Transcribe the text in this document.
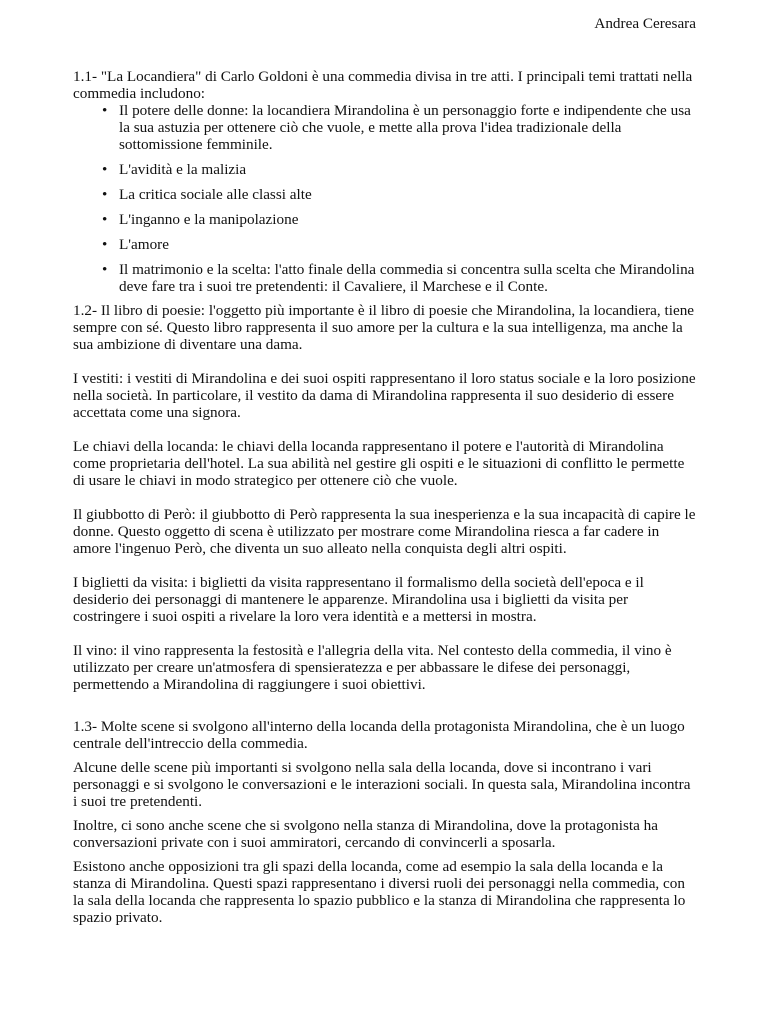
Andrea Ceresara

1.1- "La Locandiera" di Carlo Goldoni è una commedia divisa in tre atti. I principali temi trattati nella commedia includono:

• Il potere delle donne: la locandiera Mirandolina è un personaggio forte e indipendente che usa la sua astuzia per ottenere ciò che vuole, e mette alla prova l'idea tradizionale della sottomissione femminile.
• L'avidità e la malizia
• La critica sociale alle classi alte
• L'inganno e la manipolazione
• L'amore
• Il matrimonio e la scelta: l'atto finale della commedia si concentra sulla scelta che Mirandolina deve fare tra i suoi tre pretendenti: il Cavaliere, il Marchese e il Conte.

1.2- Il libro di poesie: l'oggetto più importante è il libro di poesie che Mirandolina, la locandiera, tiene sempre con sé. Questo libro rappresenta il suo amore per la cultura e la sua intelligenza, ma anche la sua ambizione di diventare una dama.

I vestiti: i vestiti di Mirandolina e dei suoi ospiti rappresentano il loro status sociale e la loro posizione nella società. In particolare, il vestito da dama di Mirandolina rappresenta il suo desiderio di essere accettata come una signora.

Le chiavi della locanda: le chiavi della locanda rappresentano il potere e l'autorità di Mirandolina come proprietaria dell'hotel. La sua abilità nel gestire gli ospiti e le situazioni di conflitto le permette di usare le chiavi in modo strategico per ottenere ciò che vuole.

Il giubbotto di Però: il giubbotto di Però rappresenta la sua inesperienza e la sua incapacità di capire le donne. Questo oggetto di scena è utilizzato per mostrare come Mirandolina riesca a far cadere in amore l'ingenuo Però, che diventa un suo alleato nella conquista degli altri ospiti.

I biglietti da visita: i biglietti da visita rappresentano il formalismo della società dell'epoca e il desiderio dei personaggi di mantenere le apparenze. Mirandolina usa i biglietti da visita per costringere i suoi ospiti a rivelare la loro vera identità e a mettersi in mostra.

Il vino: il vino rappresenta la festosità e l'allegria della vita. Nel contesto della commedia, il vino è utilizzato per creare un'atmosfera di spensieratezza e per abbassare le difese dei personaggi, permettendo a Mirandolina di raggiungere i suoi obiettivi.

1.3- Molte scene si svolgono all'interno della locanda della protagonista Mirandolina, che è un luogo centrale dell'intreccio della commedia.

Alcune delle scene più importanti si svolgono nella sala della locanda, dove si incontrano i vari personaggi e si svolgono le conversazioni e le interazioni sociali. In questa sala, Mirandolina incontra i suoi tre pretendenti.

Inoltre, ci sono anche scene che si svolgono nella stanza di Mirandolina, dove la protagonista ha conversazioni private con i suoi ammiratori, cercando di convincerli a sposarla.

Esistono anche opposizioni tra gli spazi della locanda, come ad esempio la sala della locanda e la stanza di Mirandolina. Questi spazi rappresentano i diversi ruoli dei personaggi nella commedia, con la sala della locanda che rappresenta lo spazio pubblico e la stanza di Mirandolina che rappresenta lo spazio privato.
